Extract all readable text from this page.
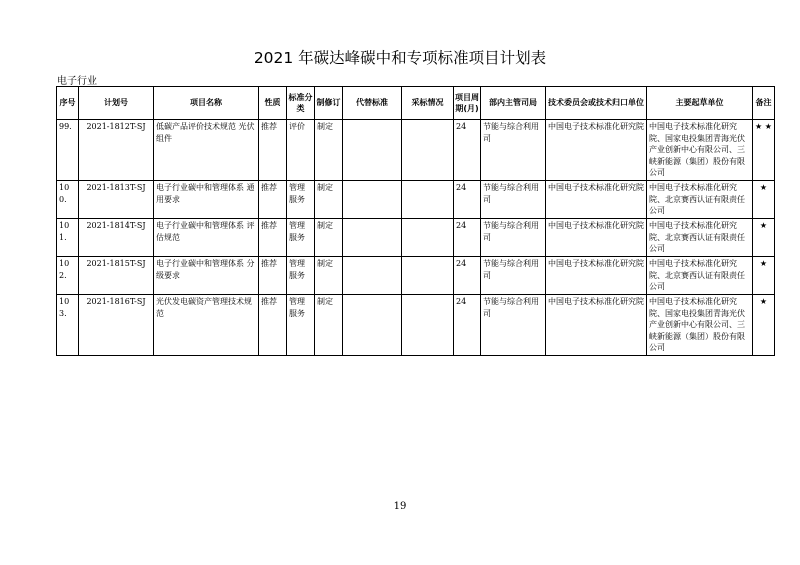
2021 年碳达峰碳中和专项标准项目计划表
电子行业
序号	计划号	项目名称	性质	标准分类	制修订	代替标准	采标情况	项目周期(月)	部内主管司局	技术委员会或技术归口单位	主要起草单位	备注
99.	2021-1812T-SJ	低碳产品评价技术规范 光伏组件	推荐	评价	制定			24	节能与综合利用司	中国电子技术标准化研究院	中国电子技术标准化研究院、国家电投集团青海光伏产业创新中心有限公司、三峡新能源（集团）股份有限公司	★ ★
100.	2021-1813T-SJ	电子行业碳中和管理体系 通用要求	推荐	管理服务	制定			24	节能与综合利用司	中国电子技术标准化研究院	中国电子技术标准化研究院、北京赛西认证有限责任公司	★
101.	2021-1814T-SJ	电子行业碳中和管理体系 评估规范	推荐	管理服务	制定			24	节能与综合利用司	中国电子技术标准化研究院	中国电子技术标准化研究院、北京赛西认证有限责任公司	★
102.	2021-1815T-SJ	电子行业碳中和管理体系 分级要求	推荐	管理服务	制定			24	节能与综合利用司	中国电子技术标准化研究院	中国电子技术标准化研究院、北京赛西认证有限责任公司	★
103.	2021-1816T-SJ	光伏发电碳资产管理技术规范	推荐	管理服务	制定			24	节能与综合利用司	中国电子技术标准化研究院	中国电子技术标准化研究院、国家电投集团青海光伏产业创新中心有限公司、三峡新能源（集团）股份有限公司	★
19
